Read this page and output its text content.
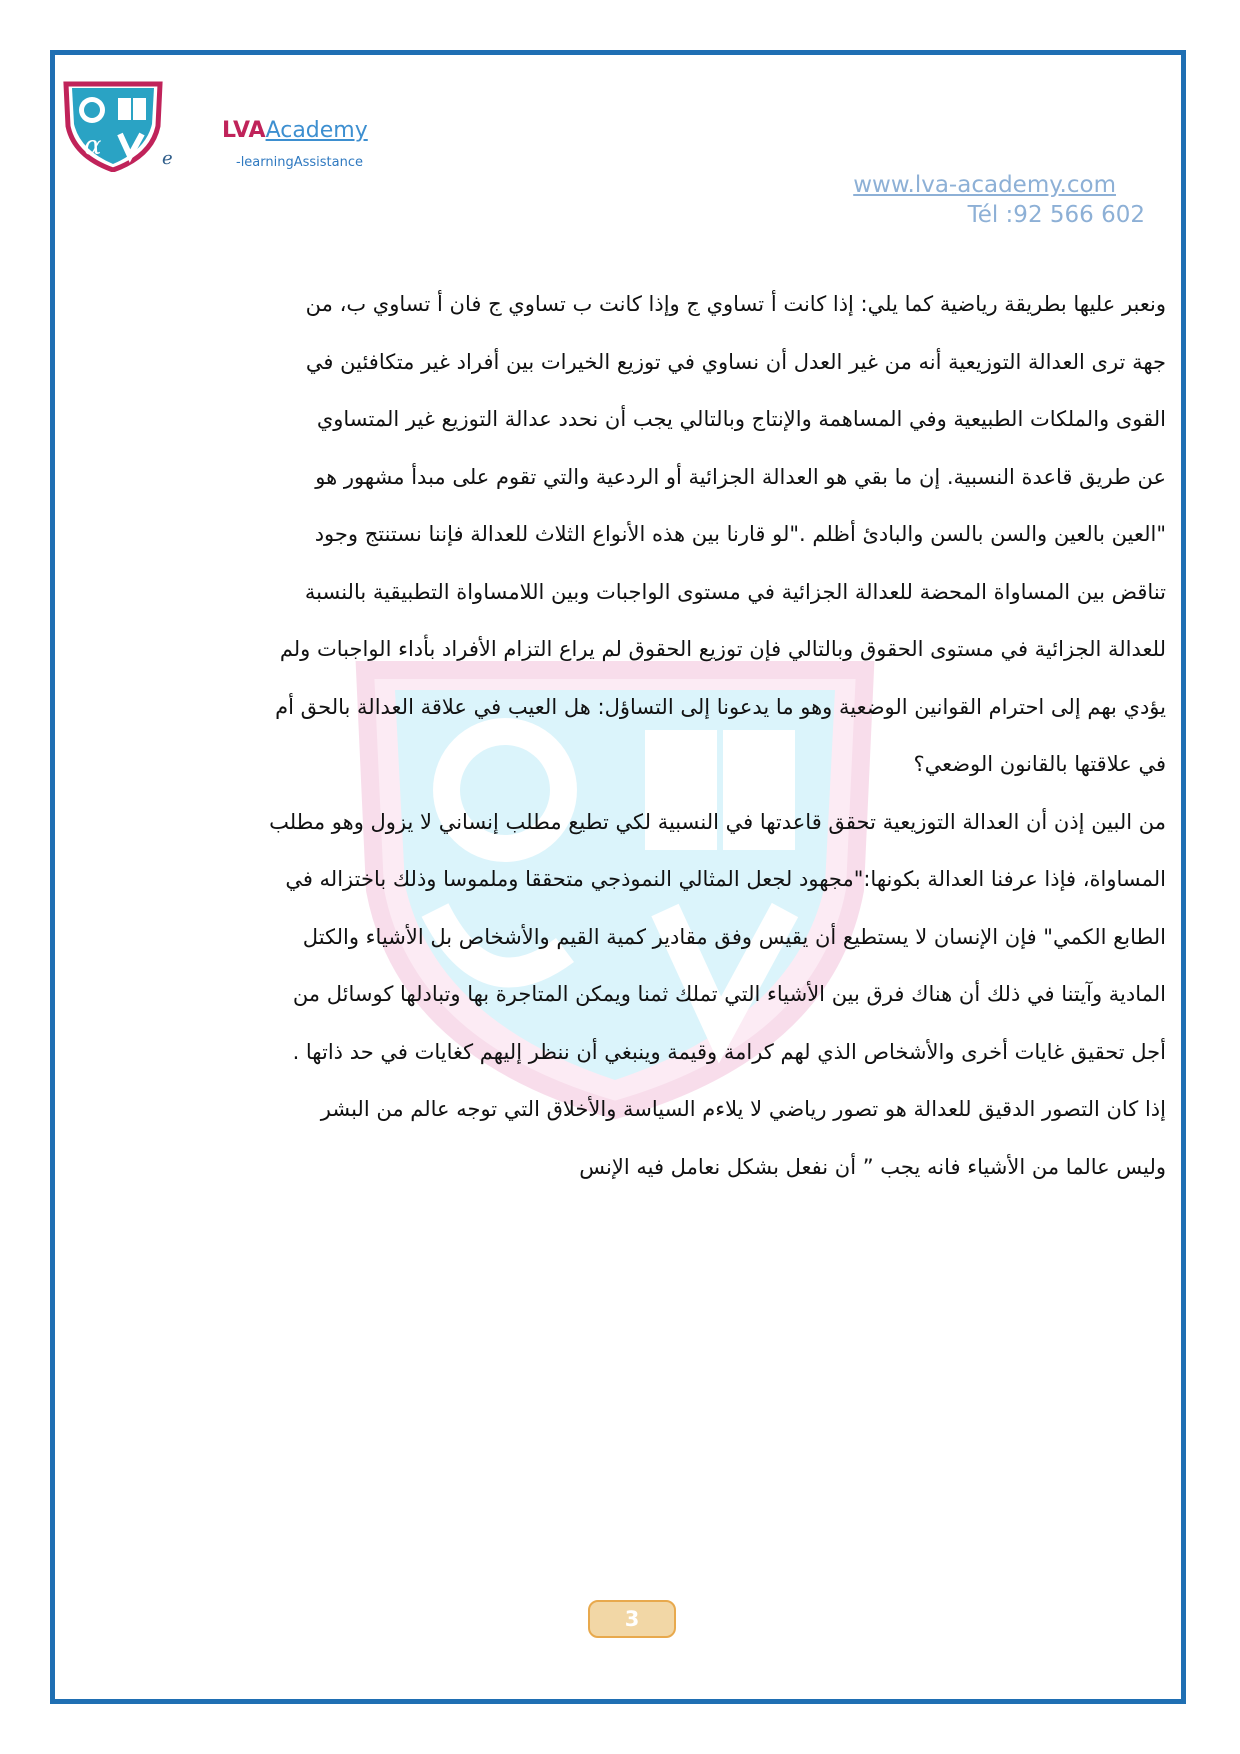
α	e
LVAAcademy
-learningAssistance
www.lva-academy.com
Tél :92 566 602
ونعبر عليها بطريقة رياضية كما يلي: إذا كانت أ تساوي ج وإذا كانت ب تساوي ج فان أ تساوي ب، من
جهة ترى العدالة التوزيعية أنه من غير العدل أن نساوي في توزيع الخيرات بين أفراد غير متكافئين في
القوى والملكات الطبيعية وفي المساهمة والإنتاج وبالتالي يجب أن نحدد عدالة التوزيع غير المتساوي
عن طريق قاعدة النسبية. إن ما بقي هو العدالة الجزائية أو الردعية والتي تقوم على مبدأ مشهور هو
"العين بالعين والسن بالسن والبادئ أظلم ."لو قارنا بين هذه الأنواع الثلاث للعدالة فإننا نستنتج وجود
تناقض بين المساواة المحضة للعدالة الجزائية في مستوى الواجبات وبين اللامساواة التطبيقية بالنسبة
للعدالة الجزائية في مستوى الحقوق وبالتالي فإن توزيع الحقوق لم يراع التزام الأفراد بأداء الواجبات ولم
يؤدي بهم إلى احترام القوانين الوضعية وهو ما يدعونا إلى التساؤل: هل العيب في علاقة العدالة بالحق أم
في علاقتها بالقانون الوضعي؟
من البين إذن أن العدالة التوزيعية تحقق قاعدتها في النسبية لكي تطيع مطلب إنساني لا يزول وهو مطلب
المساواة، فإذا عرفنا العدالة بكونها:"مجهود لجعل المثالي النموذجي متحققا وملموسا وذلك باختزاله في
الطابع الكمي" فإن الإنسان لا يستطيع أن يقيس وفق مقادير كمية القيم والأشخاص بل الأشياء والكتل
المادية وآيتنا في ذلك أن هناك فرق بين الأشياء التي تملك ثمنا ويمكن المتاجرة بها وتبادلها كوسائل من
أجل تحقيق غايات أخرى والأشخاص الذي لهم كرامة وقيمة وينبغي أن ننظر إليهم كغايات في حد ذاتها .
إذا كان التصور الدقيق للعدالة هو تصور رياضي لا يلاءم السياسة والأخلاق التي توجه عالم من البشر
وليس عالما من الأشياء فانه يجب ” أن نفعل بشكل نعامل فيه الإنس
3
